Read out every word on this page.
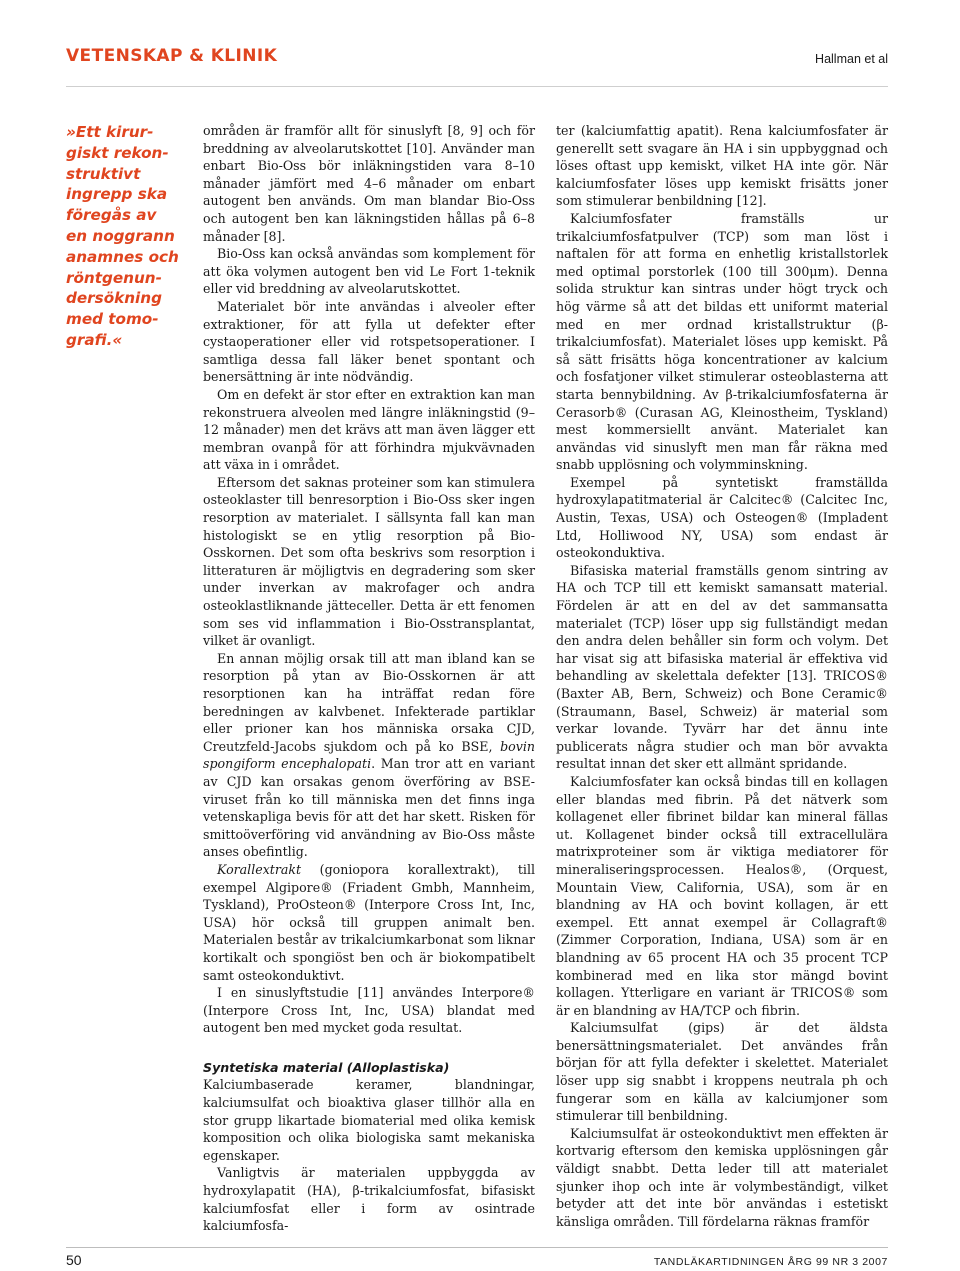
VETENSKAP & KLINIK	Hallman et al
»Ett kirur-
giskt rekon-
struktivt
ingrepp ska
föregås av
en noggrann
anamnes och
röntgenun-
dersökning
med tomo-
grafi.«

områden är framför allt för sinuslyft [8, 9] och för breddning av alveolarutskottet [10]. Använder man enbart Bio-Oss bör inläkningstiden vara 8–10 månader jämfört med 4–6 månader om enbart autogent ben används. Om man blandar Bio-Oss och autogent ben kan läkningstiden hållas på 6–8 månader [8].

Bio-Oss kan också användas som komplement för att öka volymen autogent ben vid Le Fort 1-teknik eller vid breddning av alveolarutskottet.

Materialet bör inte användas i alveoler efter extraktioner, för att fylla ut defekter efter cystaoperationer eller vid rotspetsoperationer. I samtliga dessa fall läker benet spontant och benersättning är inte nödvändig.

Om en defekt är stor efter en extraktion kan man rekonstruera alveolen med längre inläkningstid (9–12 månader) men det krävs att man även lägger ett membran ovanpå för att förhindra mjukvävnaden att växa in i området.

Eftersom det saknas proteiner som kan stimulera osteoklaster till benresorption i Bio-Oss sker ingen resorption av materialet. I sällsynta fall kan man histologiskt se en ytlig resorption på Bio-Osskornen. Det som ofta beskrivs som resorption i litteraturen är möjligtvis en degradering som sker under inverkan av makrofager och andra osteoklastliknande jätteceller. Detta är ett fenomen som ses vid inflammation i Bio-Osstransplantat, vilket är ovanligt.

En annan möjlig orsak till att man ibland kan se resorption på ytan av Bio-Osskornen är att resorptionen kan ha inträffat redan före beredningen av kalvbenet. Infekterade partiklar eller prioner kan hos människa orsaka CJD, Creutzfeld-Jacobs sjukdom och på ko BSE, bovin spongiform encephalopati. Man tror att en variant av CJD kan orsakas genom överföring av BSE-viruset från ko till människa men det finns inga vetenskapliga bevis för att det har skett. Risken för smittoöverföring vid användning av Bio-Oss måste anses obefintlig.

Korallextrakt (goniopora korallextrakt), till exempel Algipore® (Friadent Gmbh, Mannheim, Tyskland), ProOsteon® (Interpore Cross Int, Inc, USA) hör också till gruppen animalt ben. Materialen består av trikalciumkarbonat som liknar kortikalt och spongiöst ben och är biokompatibelt samt osteokonduktivt.

I en sinuslyftstudie [11] användes Interpore® (Interpore Cross Int, Inc, USA) blandat med autogent ben med mycket goda resultat.

Syntetiska material (Alloplastiska)

Kalciumbaserade keramer, blandningar, kalciumsulfat och bioaktiva glaser tillhör alla en stor grupp likartade biomaterial med olika kemisk komposition och olika biologiska samt mekaniska egenskaper.

Vanligtvis är materialen uppbyggda av hydroxylapatit (HA), β-trikalciumfosfat, bifasiskt kalciumfosfat eller i form av osintrade kalciumfosfa-

ter (kalciumfattig apatit). Rena kalciumfosfater är generellt sett svagare än HA i sin uppbyggnad och löses oftast upp kemiskt, vilket HA inte gör. När kalciumfosfater löses upp kemiskt frisätts joner som stimulerar benbildning [12].

Kalciumfosfater framställs ur trikalciumfosfatpulver (TCP) som man löst i naftalen för att forma en enhetlig kristallstorlek med optimal porstorlek (100 till 300μm). Denna solida struktur kan sintras under högt tryck och hög värme så att det bildas ett uniformt material med en mer ordnad kristallstruktur (β-trikalciumfosfat). Materialet löses upp kemiskt. På så sätt frisätts höga koncentrationer av kalcium och fosfatjoner vilket stimulerar osteoblasterna att starta bennybildning. Av β-trikalciumfosfaterna är Cerasorb® (Curasan AG, Kleinostheim, Tyskland) mest kommersiellt använt. Materialet kan användas vid sinuslyft men man får räkna med snabb upplösning och volymminskning.

Exempel på syntetiskt framställda hydroxylapatitmaterial är Calcitec® (Calcitec Inc, Austin, Texas, USA) och Osteogen® (Impladent Ltd, Holliwood NY, USA) som endast är osteokonduktiva.

Bifasiska material framställs genom sintring av HA och TCP till ett kemiskt samansatt material. Fördelen är att en del av det sammansatta materialet (TCP) löser upp sig fullständigt medan den andra delen behåller sin form och volym. Det har visat sig att bifasiska material är effektiva vid behandling av skelettala defekter [13]. TRICOS® (Baxter AB, Bern, Schweiz) och Bone Ceramic® (Straumann, Basel, Schweiz) är material som verkar lovande. Tyvärr har det ännu inte publicerats några studier och man bör avvakta resultat innan det sker ett allmänt spridande.

Kalciumfosfater kan också bindas till en kollagen eller blandas med fibrin. På det nätverk som kollagenet eller fibrinet bildar kan mineral fällas ut. Kollagenet binder också till extracellulära matrixproteiner som är viktiga mediatorer för mineraliseringsprocessen. Healos®, (Orquest, Mountain View, California, USA), som är en blandning av HA och bovint kollagen, är ett exempel. Ett annat exempel är Collagraft® (Zimmer Corporation, Indiana, USA) som är en blandning av 65 procent HA och 35 procent TCP kombinerad med en lika stor mängd bovint kollagen. Ytterligare en variant är TRICOS® som är en blandning av HA/TCP och fibrin.

Kalciumsulfat (gips) är det äldsta benersättningsmaterialet. Det användes från början för att fylla defekter i skelettet. Materialet löser upp sig snabbt i kroppens neutrala ph och fungerar som en källa av kalciumjoner som stimulerar till benbildning.

Kalciumsulfat är osteokonduktivt men effekten är kortvarig eftersom den kemiska upplösningen går väldigt snabbt. Detta leder till att materialet sjunker ihop och inte är volymbeständigt, vilket betyder att det inte bör användas i estetiskt känsliga områden. Till fördelarna räknas framför

50	TANDLÄKARTIDNINGEN ÅRG 99 NR 3 2007
